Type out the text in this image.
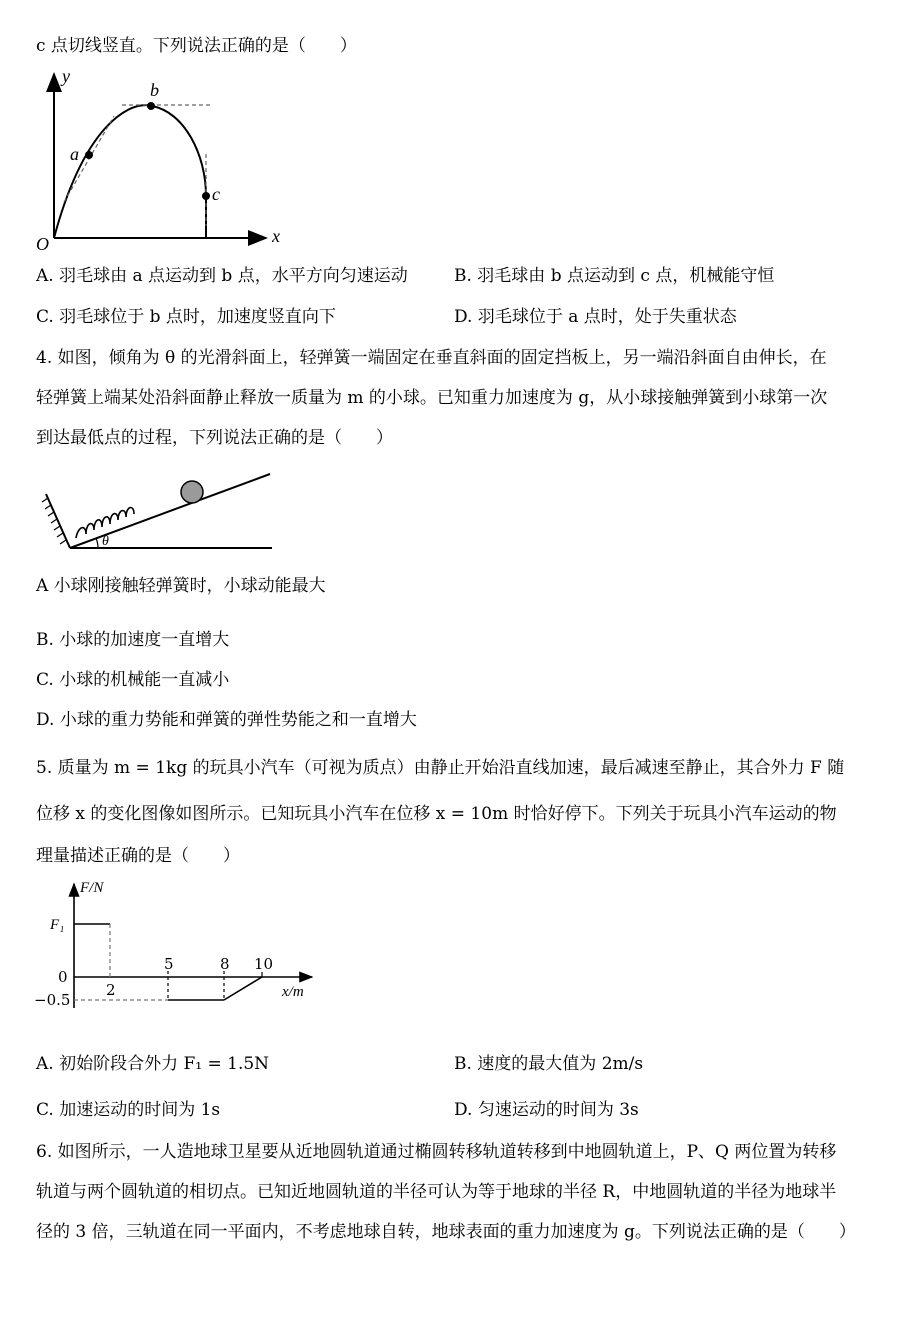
c 点切线竖直。下列说法正确的是（　　）
y
x
O
a
b
c
A. 羽毛球由 a 点运动到 b 点，水平方向匀速运动	B. 羽毛球由 b 点运动到 c 点，机械能守恒
C. 羽毛球位于 b 点时，加速度竖直向下	D. 羽毛球位于 a 点时，处于失重状态
4. 如图，倾角为 θ 的光滑斜面上，轻弹簧一端固定在垂直斜面的固定挡板上，另一端沿斜面自由伸长，在
轻弹簧上端某处沿斜面静止释放一质量为 m 的小球。已知重力加速度为 g，从小球接触弹簧到小球第一次
到达最低点的过程，下列说法正确的是（　　）
θ
A 小球刚接触轻弹簧时，小球动能最大
B. 小球的加速度一直增大
C. 小球的机械能一直减小
D. 小球的重力势能和弹簧的弹性势能之和一直增大
5. 质量为 m = 1kg 的玩具小汽车（可视为质点）由静止开始沿直线加速，最后减速至静止，其合外力 F 随
位移 x 的变化图像如图所示。已知玩具小汽车在位移 x = 10m 时恰好停下。下列关于玩具小汽车运动的物
理量描述正确的是（　　）
F/N
x/m
F₁
0
−0.5
2
5	8 10
A. 初始阶段合外力 F₁ = 1.5N	B. 速度的最大值为 2m/s
C. 加速运动的时间为 1s	D. 匀速运动的时间为 3s
6. 如图所示，一人造地球卫星要从近地圆轨道通过椭圆转移轨道转移到中地圆轨道上，P、Q 两位置为转移
轨道与两个圆轨道的相切点。已知近地圆轨道的半径可认为等于地球的半径 R，中地圆轨道的半径为地球半
径的 3 倍，三轨道在同一平面内，不考虑地球自转，地球表面的重力加速度为 g。下列说法正确的是（　　）
